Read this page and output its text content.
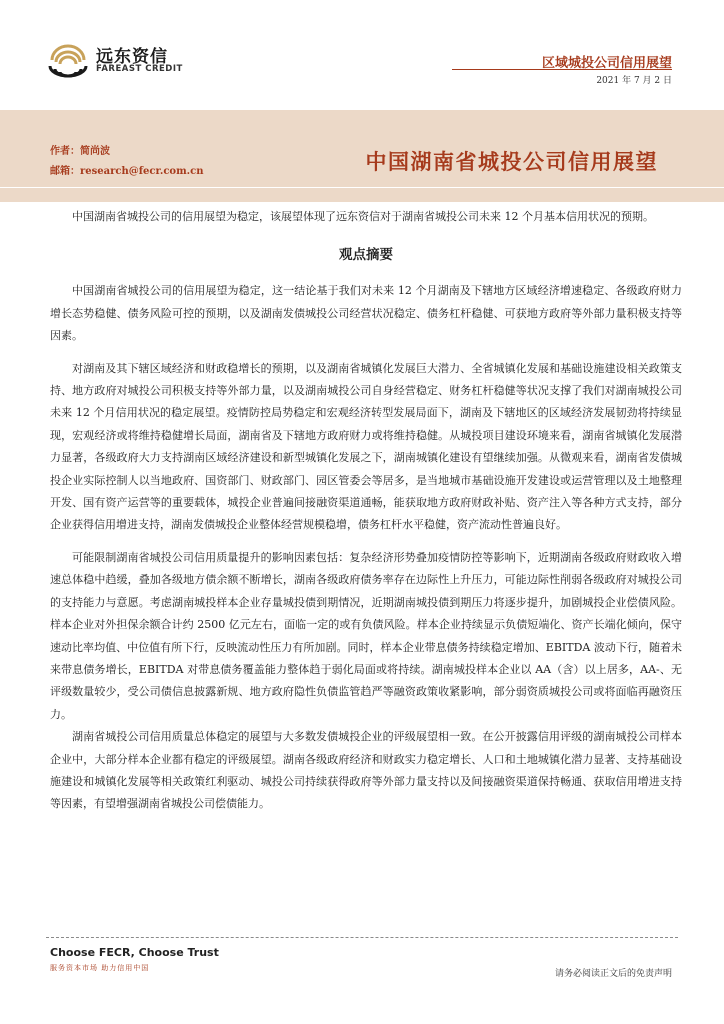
远东资信
FAREAST CREDIT	区域城投公司信用展望
2021 年 7 月 2 日
作者：简尚波
邮箱：research@fecr.com.cn	中国湖南省城投公司信用展望

中国湖南省城投公司的信用展望为稳定，该展望体现了远东资信对于湖南省城投公司未来 12 个月基本信用状况的预期。

观点摘要

中国湖南省城投公司的信用展望为稳定，这一结论基于我们对未来 12 个月湖南及下辖地方区域经济增速稳定、各级政府财力增长态势稳健、债务风险可控的预期，以及湖南发债城投公司经营状况稳定、债务杠杆稳健、可获地方政府等外部力量积极支持等因素。

对湖南及其下辖区域经济和财政稳增长的预期，以及湖南省城镇化发展巨大潜力、全省城镇化发展和基础设施建设相关政策支持、地方政府对城投公司积极支持等外部力量，以及湖南城投公司自身经营稳定、财务杠杆稳健等状况支撑了我们对湖南城投公司未来 12 个月信用状况的稳定展望。疫情防控局势稳定和宏观经济转型发展局面下，湖南及下辖地区的区域经济发展韧劲将持续显现，宏观经济或将维持稳健增长局面，湖南省及下辖地方政府财力或将维持稳健。从城投项目建设环境来看，湖南省城镇化发展潜力显著，各级政府大力支持湖南区域经济建设和新型城镇化发展之下，湖南城镇化建设有望继续加强。从微观来看，湖南省发债城投企业实际控制人以当地政府、国资部门、财政部门、园区管委会等居多，是当地城市基础设施开发建设或运营管理以及土地整理开发、国有资产运营等的重要载体，城投企业普遍间接融资渠道通畅，能获取地方政府财政补贴、资产注入等各种方式支持，部分企业获得信用增进支持，湖南发债城投企业整体经营规模稳增，债务杠杆水平稳健，资产流动性普遍良好。

可能限制湖南省城投公司信用质量提升的影响因素包括：复杂经济形势叠加疫情防控等影响下，近期湖南各级政府财政收入增速总体稳中趋缓，叠加各级地方债余额不断增长，湖南各级政府债务率存在边际性上升压力，可能边际性削弱各级政府对城投公司的支持能力与意愿。考虑湖南城投样本企业存量城投债到期情况，近期湖南城投债到期压力将逐步提升，加剧城投企业偿债风险。样本企业对外担保余额合计约 2500 亿元左右，面临一定的或有负债风险。样本企业持续显示负债短端化、资产长端化倾向，保守速动比率均值、中位值有所下行，反映流动性压力有所加剧。同时，样本企业带息债务持续稳定增加、EBITDA 波动下行，随着未来带息债务增长，EBITDA 对带息债务覆盖能力整体趋于弱化局面或将持续。湖南城投样本企业以 AA（含）以上居多，AA-、无评级数量较少，受公司债信息披露新规、地方政府隐性负债监管趋严等融资政策收紧影响，部分弱资质城投公司或将面临再融资压力。

湖南省城投公司信用质量总体稳定的展望与大多数发债城投企业的评级展望相一致。在公开披露信用评级的湖南城投公司样本企业中，大部分样本企业都有稳定的评级展望。湖南各级政府经济和财政实力稳定增长、人口和土地城镇化潜力显著、支持基础设施建设和城镇化发展等相关政策红利驱动、城投公司持续获得政府等外部力量支持以及间接融资渠道保持畅通、获取信用增进支持等因素，有望增强湖南省城投公司偿债能力。

Choose FECR, Choose Trust
服务资本市场 助力信用中国
请务必阅读正文后的免责声明
